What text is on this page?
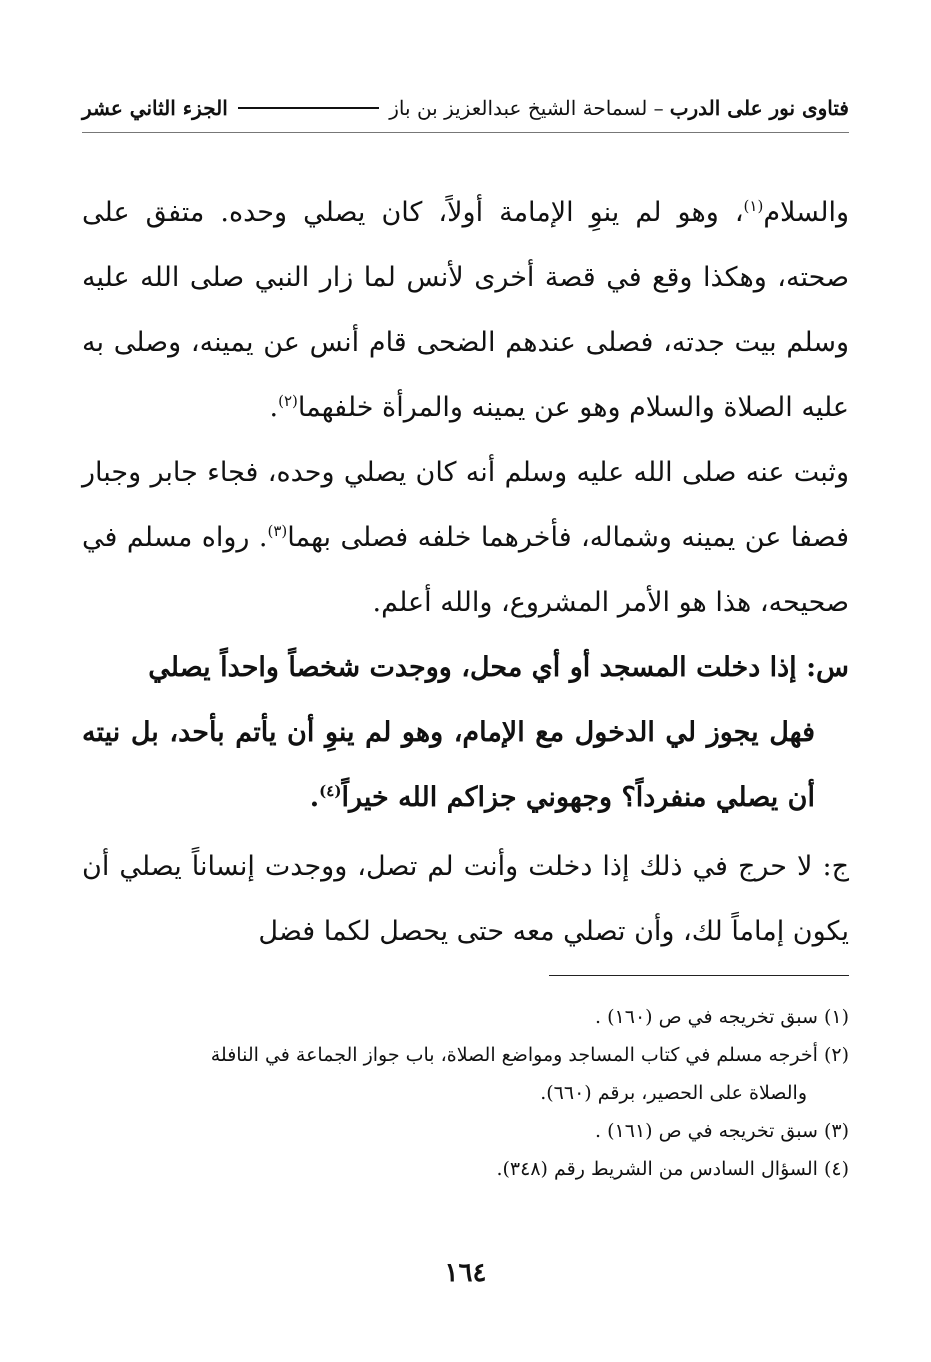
فتاوى نور على الدرب
– لسماحة الشيخ عبدالعزيز بن باز
الجزء الثاني عشر

والسلام$^{(١)}$، وهو لم ينوِ الإمامة أولاً، كان يصلي وحده. متفق على صحته، وهكذا وقع في قصة أخرى لأنس لما زار النبي صلى الله عليه وسلم بيت جدته، فصلى عندهم الضحى قام أنس عن يمينه، وصلى به عليه الصلاة والسلام وهو عن يمينه والمرأة خلفهما$^{(٢)}$.

وثبت عنه صلى الله عليه وسلم أنه كان يصلي وحده، فجاء جابر وجبار فصفا عن يمينه وشماله، فأخرهما خلفه فصلى بهما$^{(٣)}$. رواه مسلم في صحيحه، هذا هو الأمر المشروع، والله أعلم.

س: إذا دخلت المسجد أو أي محل، ووجدت شخصاً واحداً يصلي

فهل يجوز لي الدخول مع الإمام، وهو لم ينوِ أن يأتم بأحد، بل نيته أن يصلي منفرداً؟ وجهوني جزاكم الله خيراً$^{(٤)}$.

ج: لا حرج في ذلك إذا دخلت وأنت لم تصل، ووجدت إنساناً يصلي أن يكون إماماً لك، وأن تصلي معه حتى يحصل لكما فضل

(١) سبق تخريجه في ص (١٦٠) .

(٢) أخرجه مسلم في كتاب المساجد ومواضع الصلاة، باب جواز الجماعة في النافلة

والصلاة على الحصير، برقم (٦٦٠).

(٣) سبق تخريجه في ص (١٦١) .

(٤) السؤال السادس من الشريط رقم (٣٤٨).

١٦٤
